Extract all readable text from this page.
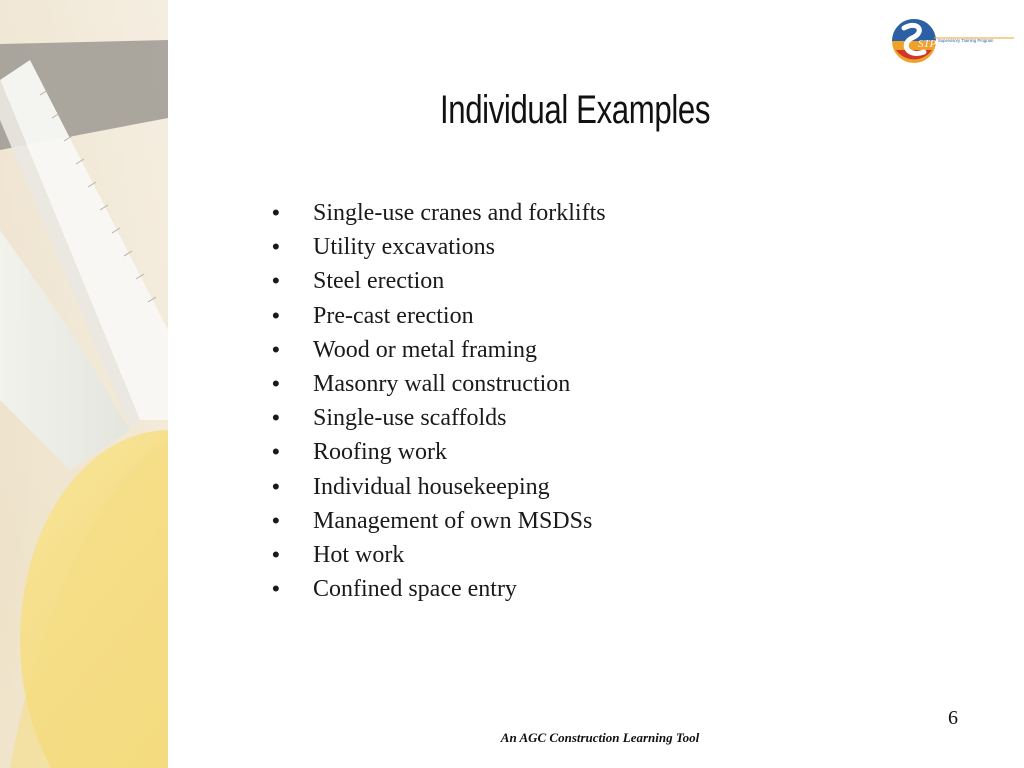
STP Supervisory Training Program
Individual Examples
• Single-use cranes and forklifts
• Utility excavations
• Steel erection
• Pre-cast erection
• Wood or metal framing
• Masonry wall construction
• Single-use scaffolds
• Roofing work
• Individual housekeeping
• Management of own MSDSs
• Hot work
• Confined space entry
6
An AGC Construction Learning Tool
